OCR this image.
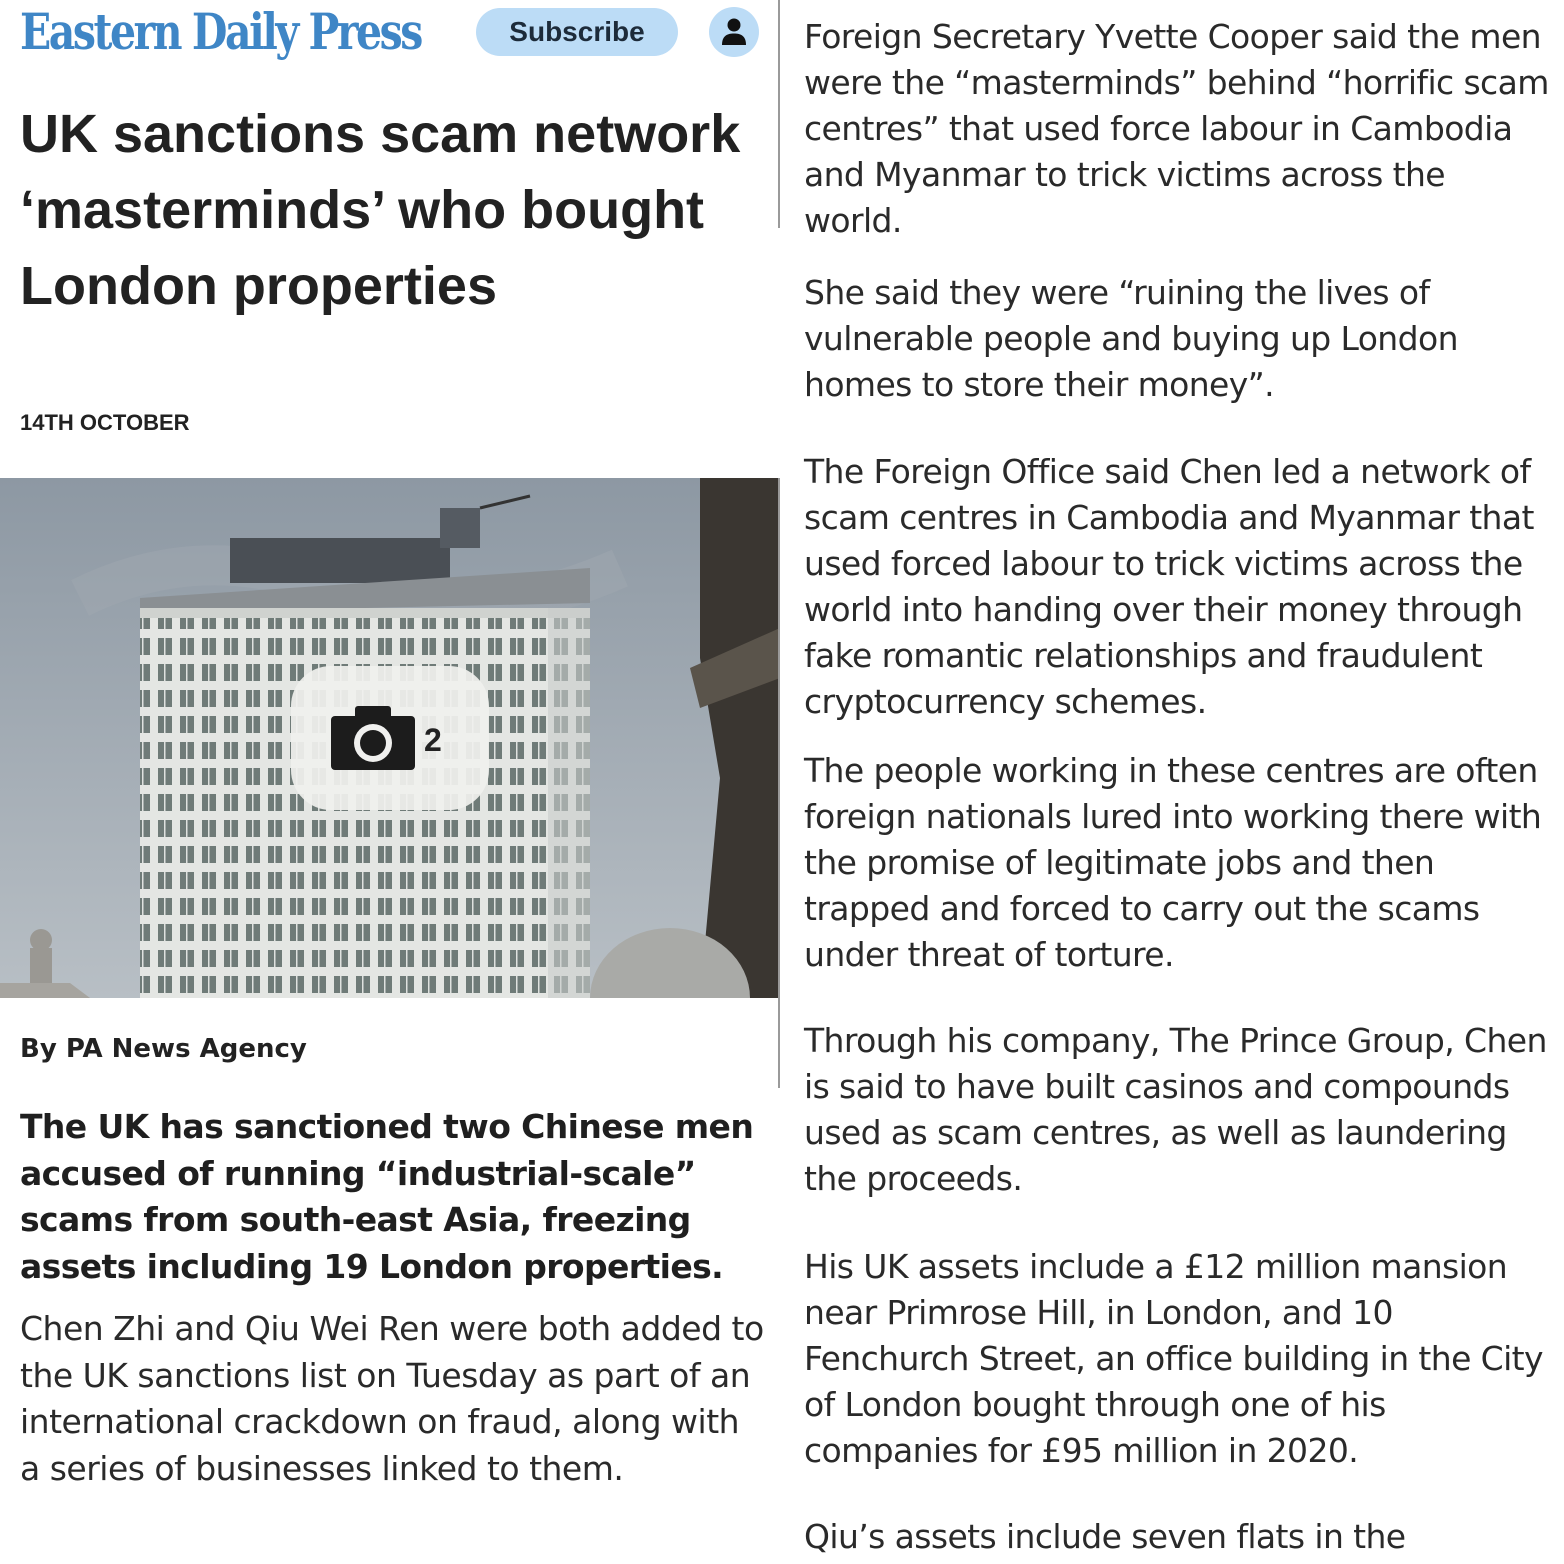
Eastern Daily Press	Subscribe
UK sanctions scam network ‘masterminds’ who bought London properties
14TH OCTOBER
2
By PA News Agency

The UK has sanctioned two Chinese men accused of running “industrial-scale” scams from south-east Asia, freezing assets including 19 London properties.

Chen Zhi and Qiu Wei Ren were both added to the UK sanctions list on Tuesday as part of an international crackdown on fraud, along with a series of businesses linked to them.

Foreign Secretary Yvette Cooper said the men were the “masterminds” behind “horrific scam centres” that used force labour in Cambodia and Myanmar to trick victims across the world.

She said they were “ruining the lives of vulnerable people and buying up London homes to store their money”.

The Foreign Office said Chen led a network of scam centres in Cambodia and Myanmar that used forced labour to trick victims across the world into handing over their money through fake romantic relationships and fraudulent cryptocurrency schemes.

The people working in these centres are often foreign nationals lured into working there with the promise of legitimate jobs and then trapped and forced to carry out the scams under threat of torture.

Through his company, The Prince Group, Chen is said to have built casinos and compounds used as scam centres, as well as laundering the proceeds.

His UK assets include a £12 million mansion near Primrose Hill, in London, and 10 Fenchurch Street, an office building in the City of London bought through one of his companies for £95 million in 2020.

Qiu’s assets include seven flats in the
